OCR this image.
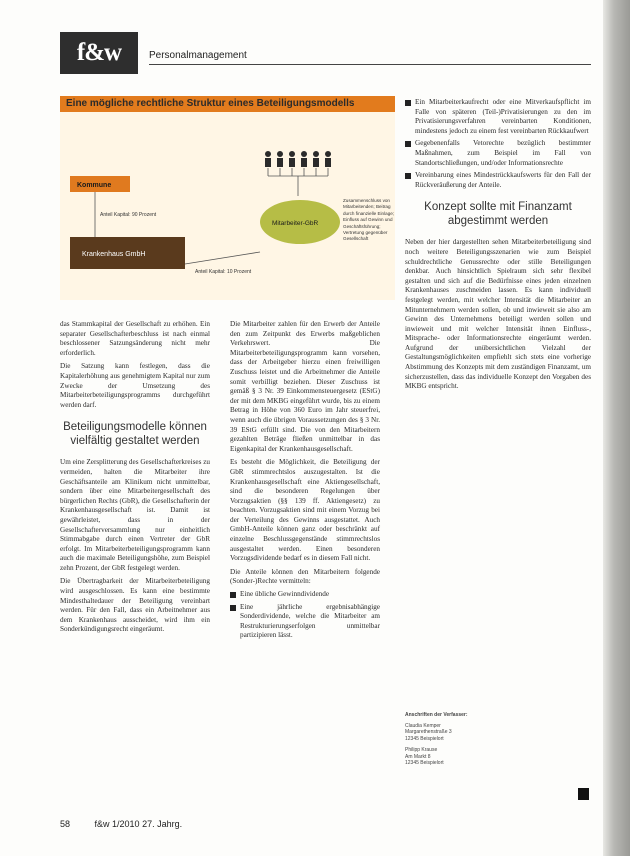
f&w	Personalmanagement
Eine mögliche rechtliche Struktur eines Beteiligungsmodells
Kommune
Krankenhaus GmbH
Mitarbeiter-GbR
Anteil Kapital: 90 Prozent
Anteil Kapital: 10 Prozent
Zusammenschluss von Mitarbeitenden; Beitrag durch finanzielle Einlage; Einfluss auf Gewinn und Geschäftsführung; Vertretung gegenüber Gesellschaft

das Stammkapital der Gesellschaft zu erhöhen. Ein separater Gesellschafterbeschluss ist nach einmal beschlossener Satzungsänderung nicht mehr erforderlich.

Die Satzung kann festlegen, dass die Kapitalerhöhung aus genehmigtem Kapital nur zum Zwecke der Umsetzung des Mitarbeiterbeteiligungsprogramms durchgeführt werden darf.

Beteiligungsmodelle können vielfältig gestaltet werden

Um eine Zersplitterung des Gesellschafterkreises zu vermeiden, halten die Mitarbeiter ihre Geschäftsanteile am Klinikum nicht unmittelbar, sondern über eine Mitarbeitergesellschaft des bürgerlichen Rechts (GbR), die Gesellschafterin der Krankenhausgesellschaft ist. Damit ist gewährleistet, dass in der Gesellschafterversammlung nur einheitlich Stimmabgabe durch einen Vertreter der GbR erfolgt. Im Mitarbeiterbeteiligungsprogramm kann auch die maximale Beteiligungshöhe, zum Beispiel zehn Prozent, der GbR festgelegt werden.

Die Übertragbarkeit der Mitarbeiterbeteiligung wird ausgeschlossen. Es kann eine bestimmte Mindesthaltedauer der Beteiligung vereinbart werden. Für den Fall, dass ein Arbeitnehmer aus dem Krankenhaus ausscheidet, wird ihm ein Sonderkündigungsrecht eingeräumt.

Die Mitarbeiter zahlen für den Erwerb der Anteile den zum Zeitpunkt des Erwerbs maßgeblichen Verkehrswert. Die Mitarbeiterbeteiligungsprogramm kann vorsehen, dass der Arbeitgeber hierzu einen freiwilligen Zuschuss leistet und die Arbeitnehmer die Anteile somit verbilligt beziehen. Dieser Zuschuss ist gemäß § 3 Nr. 39 Einkommensteuergesetz (EStG) der mit dem MKBG eingeführt wurde, bis zu einem Betrag in Höhe von 360 Euro im Jahr steuerfrei, wenn auch die übrigen Voraussetzungen des § 3 Nr. 39 EStG erfüllt sind. Die von den Mitarbeitern gezahlten Beträge fließen unmittelbar in das Eigenkapital der Krankenhausgesellschaft.

Es besteht die Möglichkeit, die Beteiligung der GbR stimmrechtslos auszugestalten. Ist die Krankenhausgesellschaft eine Aktiengesellschaft, sind die besonderen Regelungen über Vorzugsaktien (§§ 139 ff. Aktiengesetz) zu beachten. Vorzugsaktien sind mit einem Vorzug bei der Verteilung des Gewinns ausgestattet. Auch GmbH-Anteile können ganz oder beschränkt auf einzelne Beschlussgegenstände stimmrechtslos ausgestaltet werden. Einen besonderen Vorzugsdividende bedarf es in diesem Fall nicht.

Die Anteile können den Mitarbeitern folgende (Sonder-)Rechte vermitteln:

Eine übliche Gewinndividende
Eine jährliche ergebnisabhängige Sonderdividende, welche die Mitarbeiter am Restrukturierungserfolgen unmittelbar partizipieren lässt.
Ein Mitarbeiterkaufrecht oder eine Mitverkaufspflicht im Falle von späteren (Teil-)Privatisierungen zu den im Privatisierungsverfahren vereinbarten Konditionen, mindestens jedoch zu einem fest vereinbarten Rückkaufwert
Gegebenenfalls Vetorechte bezüglich bestimmter Maßnahmen, zum Beispiel im Fall von Standortschließungen, und/oder Informationsrechte
Vereinbarung eines Mindestrückkaufswerts für den Fall der Rückveräußerung der Anteile.
Konzept sollte mit Finanzamt abgestimmt werden

Neben der hier dargestellten sehen Mitarbeiterbeteiligung sind noch weitere Beteiligungsszenarien wie zum Beispiel schuldrechtliche Genussrechte oder stille Beteiligungen denkbar. Auch hinsichtlich Spielraum sich sehr flexibel gestalten und sich auf die Bedürfnisse eines jeden einzelnen Krankenhauses zuschneiden lassen. Es kann individuell festgelegt werden, mit welcher Intensität die Mitarbeiter an Mitunternehmern werden sollen, ob und inwieweit sie also am Gewinn des Unternehmens beteiligt werden sollen und inwieweit und mit welcher Intensität ihnen Einfluss-, Mitsprache- oder Informationsrechte eingeräumt werden. Aufgrund der unübersichtlichen Vielzahl der Gestaltungsmöglichkeiten empfiehlt sich stets eine vorherige Abstimmung des Konzepts mit dem zuständigen Finanzamt, um sicherzustellen, dass das individuelle Konzept den Vorgaben des MKBG entspricht.

Anschriften der Verfasser:
Claudia Kemper
Margarethenstraße 3
12345 Beispielort
Philipp Krause
Am Markt 8
12345 Beispielort
58	f&w 1/2010 27. Jahrg.
